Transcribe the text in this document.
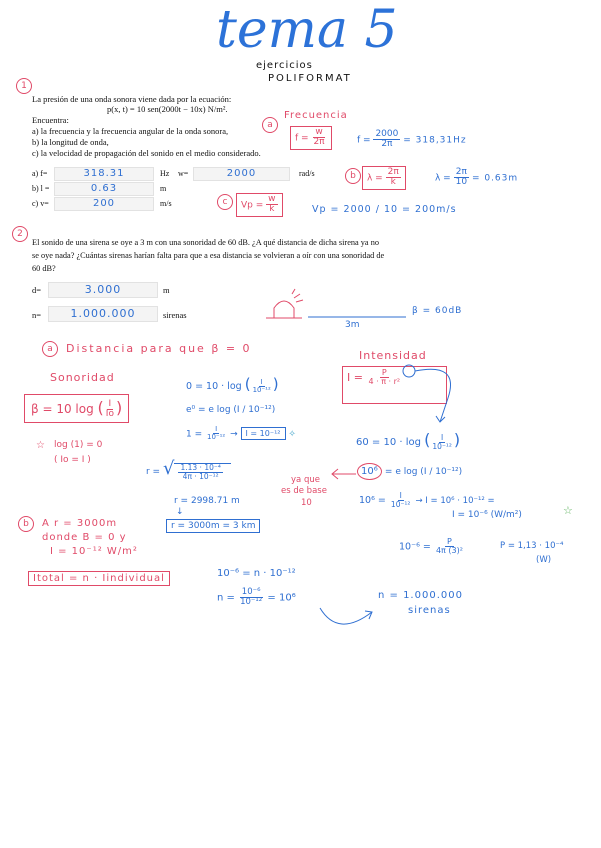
tema 5
ejercicios
POLIFORMAT
1
La presión de una onda sonora viene dada por la ecuación:
p(x, t) = 10 sen(2000t − 10x) N/m².
Encuentra:
a) la frecuencia y la frecuencia angular de la onda sonora,
b) la longitud de onda,
c) la velocidad de propagación del sonido en el medio considerado.
a) f=	318.31	Hz w=	2000	rad/s
b) l =	0.63	m
c) v=	200	m/s
a
Frecuencia
$f = \frac{w}{2\pi}$	$f = \frac{2000}{2\pi} = 318,31Hz$
b	$\lambda = \frac{2\pi}{k}$	$\lambda = \frac{2\pi}{10} = 0.63m$
c	$Vp = \frac{w}{k}$	Vp = 2000 / 10 = 200m/s
2
El sonido de una sirena se oye a 3 m con una sonoridad de 60 dB. ¿A qué distancia de dicha sirena ya no
se oye nada? ¿Cuántas sirenas harían falta para que a esa distancia se volvieran a oír con una sonoridad de
60 dB?
d=	3.000	m
n=	1.000.000	sirenas	β = 60dB
3m
a	Distancia para que β = 0
Sonoridad
β = 10 log ( $\frac{I}{Io}$ )
☆ log (1) = 0
( Io = I )
0 = 10 · log ( $\frac{I}{\text{10⁻¹²}}$ )
e⁰ = e log (I / 10⁻¹²)
$1 = \frac{I}{\text{10⁻¹²}} \to I = 10^{-12}$ ✧
r = √ $\frac{\text{1.13 · 10⁻⁴}}{\text{4π · 10⁻¹²}}$
r = 2998.71 m
↓
r = 3000m = 3 km
ya que
es de base
10
Intensidad
$I = \frac{P}{\text{4 · π · r²}}$
60 = 10 · log ( $\frac{I}{\text{10⁻¹²}}$ )
10⁶ = e log (I / 10⁻¹²)
$10^6 = \frac{I}{\text{10⁻¹²}} \to I = 10^6 \cdot 10^{-12}$ =
I = 10⁻⁶ (W/m²)	☆
b	A r = 3000m
donde B = 0 y
I = 10⁻¹² W/m²
Itotal = n · Iindividual	10⁻⁶ = n · 10⁻¹²
$n = \frac{\text{10⁻⁶}}{\text{10⁻¹²}} = 10^6$
$10^{-6} = \frac{P}{\text{4π (3)²}}$	P = 1,13 · 10⁻⁴
(W)
n = 1.000.000
sirenas
